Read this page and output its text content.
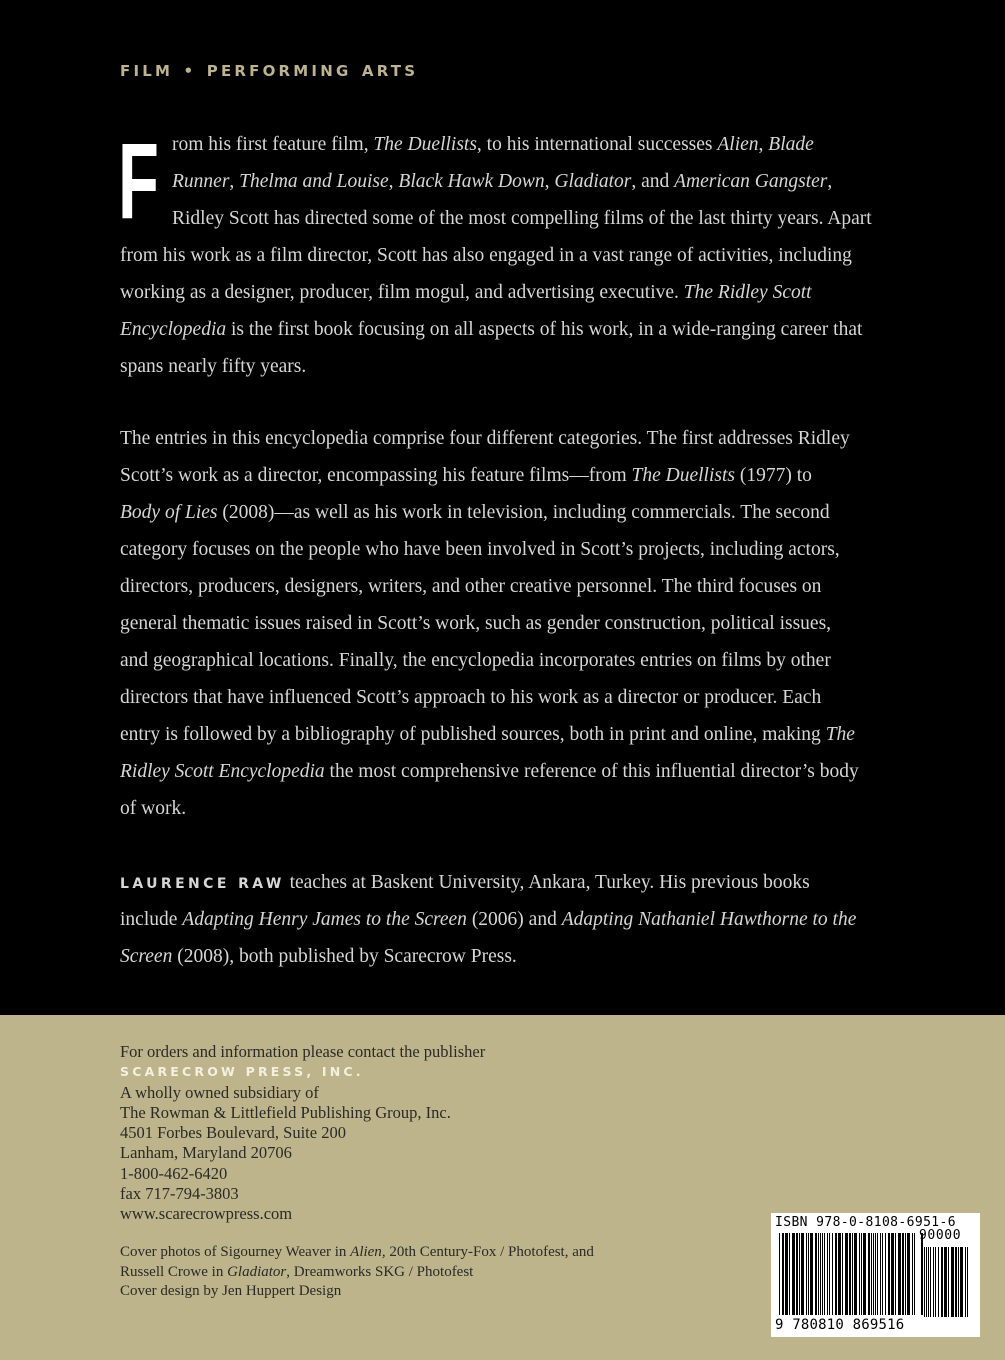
FILM • PERFORMING ARTS
F rom his first feature film, The Duellists, to his international successes Alien, Blade
Runner, Thelma and Louise, Black Hawk Down, Gladiator, and American Gangster,
Ridley Scott has directed some of the most compelling films of the last thirty years. Apart
from his work as a film director, Scott has also engaged in a vast range of activities, including
working as a designer, producer, film mogul, and advertising executive. The Ridley Scott
Encyclopedia is the first book focusing on all aspects of his work, in a wide-ranging career that
spans nearly fifty years.
The entries in this encyclopedia comprise four different categories. The first addresses Ridley
Scott’s work as a director, encompassing his feature films—from The Duellists (1977) to
Body of Lies (2008)—as well as his work in television, including commercials. The second
category focuses on the people who have been involved in Scott’s projects, including actors,
directors, producers, designers, writers, and other creative personnel. The third focuses on
general thematic issues raised in Scott’s work, such as gender construction, political issues,
and geographical locations. Finally, the encyclopedia incorporates entries on films by other
directors that have influenced Scott’s approach to his work as a director or producer. Each
entry is followed by a bibliography of published sources, both in print and online, making The
Ridley Scott Encyclopedia the most comprehensive reference of this influential director’s body
of work.
LAURENCE RAW teaches at Baskent University, Ankara, Turkey. His previous books
include Adapting Henry James to the Screen (2006) and Adapting Nathaniel Hawthorne to the
Screen (2008), both published by Scarecrow Press.
For orders and information please contact the publisher
SCARECROW PRESS, INC.
A wholly owned subsidiary of
The Rowman & Littlefield Publishing Group, Inc.
4501 Forbes Boulevard, Suite 200
Lanham, Maryland 20706
1-800-462-6420
fax 717-794-3803
www.scarecrowpress.com
Cover photos of Sigourney Weaver in Alien, 20th Century-Fox / Photofest, and
Russell Crowe in Gladiator, Dreamworks SKG / Photofest
Cover design by Jen Huppert Design
ISBN 978-0-8108-6951-6
90000
9 780810 869516
